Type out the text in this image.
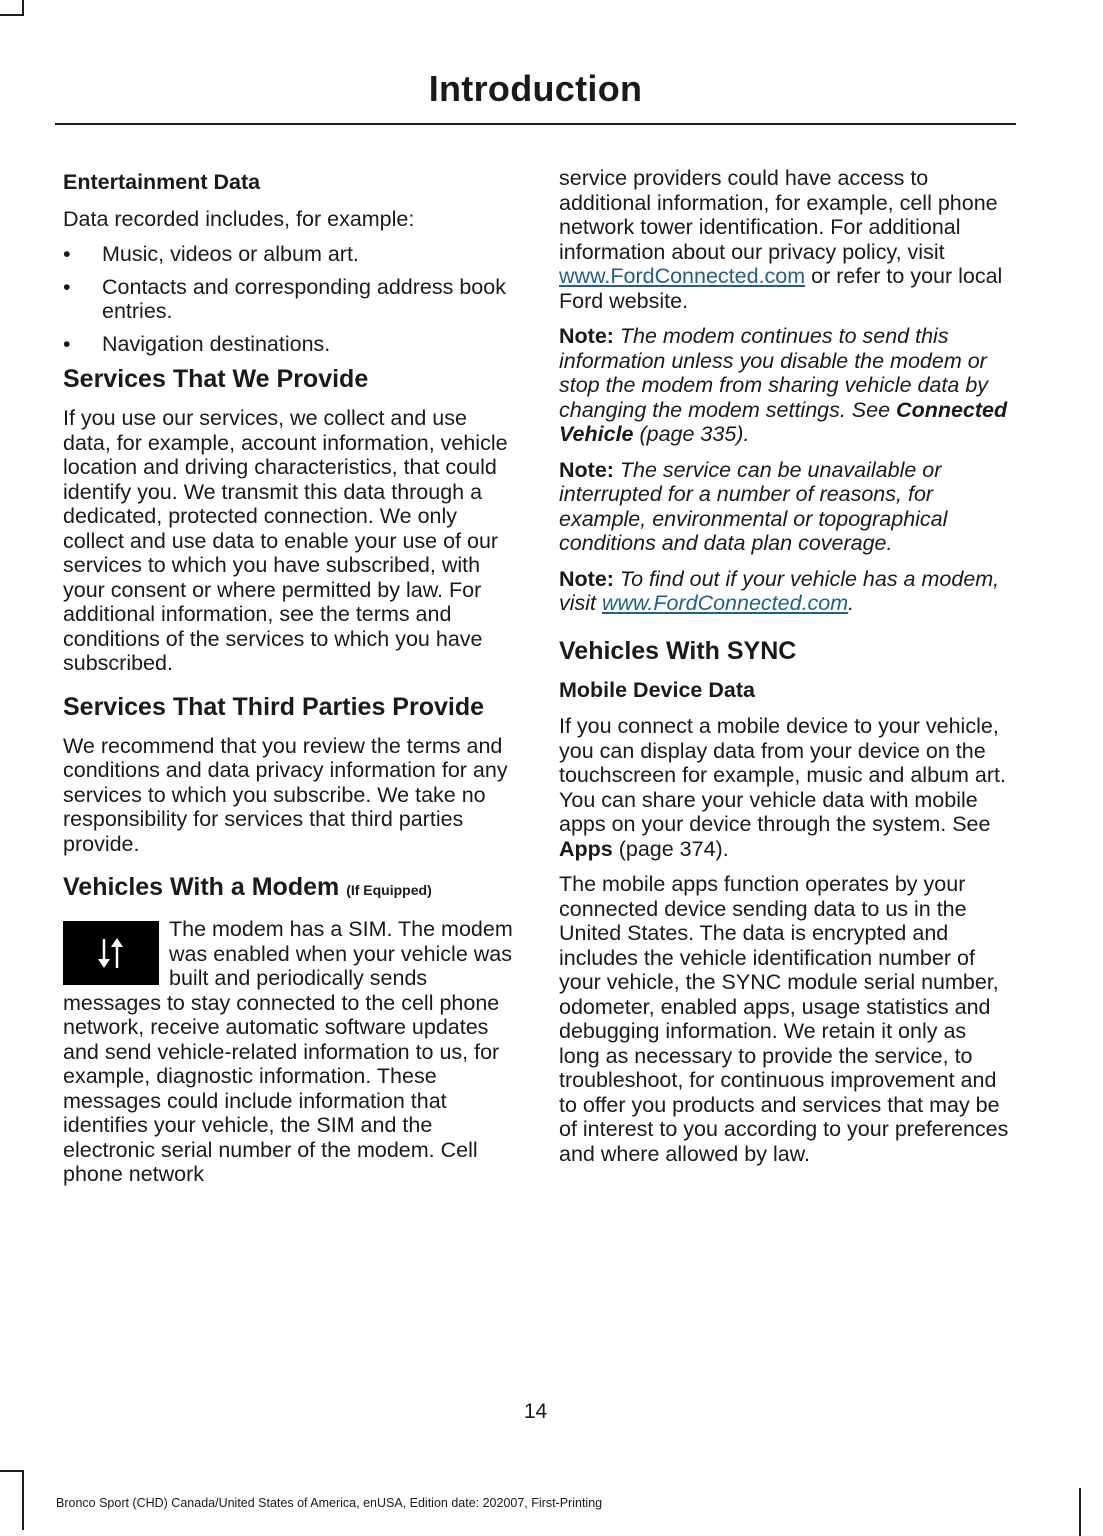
Introduction
Entertainment Data

Data recorded includes, for example:

• Music, videos or album art.
• Contacts and corresponding address book entries.
• Navigation destinations.
Services That We Provide

If you use our services, we collect and use data, for example, account information, vehicle location and driving characteristics, that could identify you. We transmit this data through a dedicated, protected connection. We only collect and use data to enable your use of our services to which you have subscribed, with your consent or where permitted by law. For additional information, see the terms and conditions of the services to which you have subscribed.

Services That Third Parties Provide

We recommend that you review the terms and conditions and data privacy information for any services to which you subscribe. We take no responsibility for services that third parties provide.

Vehicles With a Modem (If Equipped)

The modem has a SIM. The modem was enabled when your vehicle was built and periodically sends messages to stay connected to the cell phone network, receive automatic software updates and send vehicle-related information to us, for example, diagnostic information. These messages could include information that identifies your vehicle, the SIM and the electronic serial number of the modem. Cell phone network

service providers could have access to additional information, for example, cell phone network tower identification. For additional information about our privacy policy, visit www.FordConnected.com or refer to your local Ford website.

Note: The modem continues to send this information unless you disable the modem or stop the modem from sharing vehicle data by changing the modem settings. See Connected Vehicle (page 335).

Note: The service can be unavailable or interrupted for a number of reasons, for example, environmental or topographical conditions and data plan coverage.

Note: To find out if your vehicle has a modem, visit www.FordConnected.com.

Vehicles With SYNC
Mobile Device Data

If you connect a mobile device to your vehicle, you can display data from your device on the touchscreen for example, music and album art. You can share your vehicle data with mobile apps on your device through the system. See Apps (page 374).

The mobile apps function operates by your connected device sending data to us in the United States. The data is encrypted and includes the vehicle identification number of your vehicle, the SYNC module serial number, odometer, enabled apps, usage statistics and debugging information. We retain it only as long as necessary to provide the service, to troubleshoot, for continuous improvement and to offer you products and services that may be of interest to you according to your preferences and where allowed by law.

14
Bronco Sport (CHD) Canada/United States of America, enUSA, Edition date: 202007, First-Printing
